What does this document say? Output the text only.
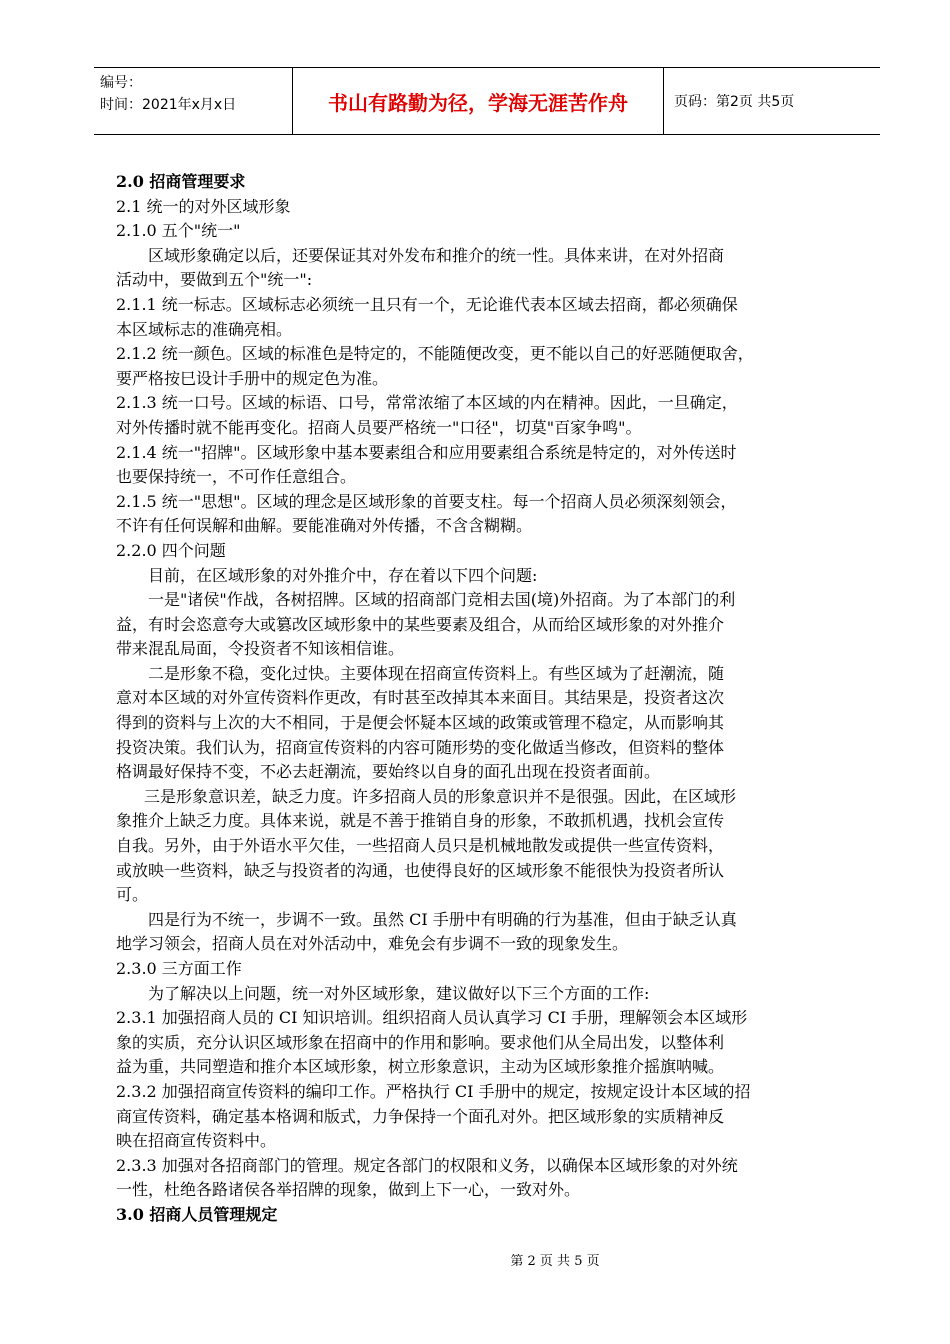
编号：
时间：2021年x月x日	书山有路勤为径，学海无涯苦作舟	页码：第2页 共5页
2.0 招商管理要求
2.1 统一的对外区域形象
2.1.0 五个"统一"
区域形象确定以后，还要保证其对外发布和推介的统一性。具体来讲，在对外招商
活动中，要做到五个"统一":
2.1.1 统一标志。区域标志必须统一且只有一个，无论谁代表本区域去招商，都必须确保
本区域标志的准确亮相。
2.1.2 统一颜色。区域的标准色是特定的，不能随便改变，更不能以自己的好恶随便取舍，
要严格按巳设计手册中的规定色为准。
2.1.3 统一口号。区域的标语、口号，常常浓缩了本区域的内在精神。因此，一旦确定，
对外传播时就不能再变化。招商人员要严格统一"口径"，切莫"百家争鸣"。
2.1.4 统一"招牌"。区域形象中基本要素组合和应用要素组合系统是特定的，对外传送时
也要保持统一，不可作任意组合。
2.1.5 统一"思想"。区域的理念是区域形象的首要支柱。每一个招商人员必须深刻领会，
不许有任何误解和曲解。要能准确对外传播，不含含糊糊。
2.2.0 四个问题
目前，在区域形象的对外推介中，存在着以下四个问题:
一是"诸侯"作战，各树招牌。区域的招商部门竞相去国(境)外招商。为了本部门的利
益，有时会恣意夸大或篡改区域形象中的某些要素及组合，从而给区域形象的对外推介
带来混乱局面，令投资者不知该相信谁。
二是形象不稳，变化过快。主要体现在招商宣传资料上。有些区域为了赶潮流，随
意对本区域的对外宣传资料作更改，有时甚至改掉其本来面目。其结果是，投资者这次
得到的资料与上次的大不相同，于是便会怀疑本区域的政策或管理不稳定，从而影响其
投资决策。我们认为，招商宣传资料的内容可随形势的变化做适当修改，但资料的整体
格调最好保持不变，不必去赶潮流，要始终以自身的面孔出现在投资者面前。
三是形象意识差，缺乏力度。许多招商人员的形象意识并不是很强。因此，在区域形
象推介上缺乏力度。具体来说，就是不善于推销自身的形象，不敢抓机遇，找机会宣传
自我。另外，由于外语水平欠佳，一些招商人员只是机械地散发或提供一些宣传资料，
或放映一些资料，缺乏与投资者的沟通，也使得良好的区域形象不能很快为投资者所认
可。
四是行为不统一，步调不一致。虽然 CI 手册中有明确的行为基准，但由于缺乏认真
地学习领会，招商人员在对外活动中，难免会有步调不一致的现象发生。
2.3.0 三方面工作
为了解决以上问题，统一对外区域形象，建议做好以下三个方面的工作:
2.3.1 加强招商人员的 CI 知识培训。组织招商人员认真学习 CI 手册，理解领会本区域形
象的实质，充分认识区域形象在招商中的作用和影响。要求他们从全局出发，以整体利
益为重，共同塑造和推介本区域形象，树立形象意识，主动为区域形象推介摇旗呐喊。
2.3.2 加强招商宣传资料的编印工作。严格执行 CI 手册中的规定，按规定设计本区域的招
商宣传资料，确定基本格调和版式，力争保持一个面孔对外。把区域形象的实质精神反
映在招商宣传资料中。
2.3.3 加强对各招商部门的管理。规定各部门的权限和义务，以确保本区域形象的对外统
一性，杜绝各路诸侯各举招牌的现象，做到上下一心，一致对外。
3.0 招商人员管理规定
第 2 页 共 5 页
